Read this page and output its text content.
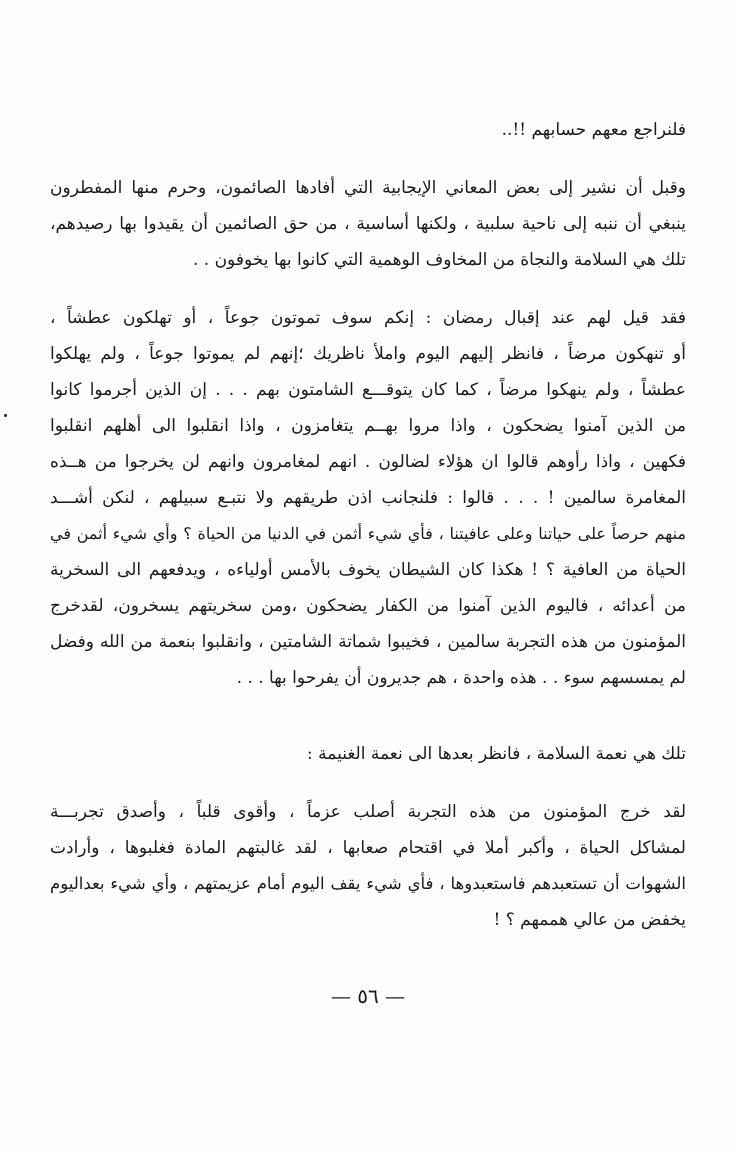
فلنراجع معهم حسابهم !!..
وقبل أن نشير إلى بعض المعاني الإيجابية التي أفادها الصائمون، وحرم منها المفطرون
ينبغي أن ننبه إلى ناحية سلبية ، ولكنها أساسية ، من حق الصائمين أن يقيدوا بها رصيدهم،
تلك هي السلامة والنجاة من المخاوف الوهمية التي كانوا بها يخوفون . .
فقد قيل لهم عند إقبال رمضان : إنكم سوف تموتون جوعاً ، أو تهلكون عطشاً ،
أو تنهكون مرضاً ، فانظر إليهم اليوم واملأ ناظريك ؛إنهم لم يموتوا جوعاً ، ولم يهلكوا
عطشاً ، ولم ينهكوا مرضاً ، كما كان يتوقـــع الشامتون بهم . . . إن الذين أجرموا كانوا
من الذين آمنوا يضحكون ، واذا مروا بهــم يتغامزون ، واذا انقلبوا الى أهلهم انقلبوا
فكهين ، واذا رأوهم قالوا ان هؤلاء لضالون . انهم لمغامرون وانهم لن يخرجوا من هــذه
المغامرة سالمين ! . . . قالوا : فلنجانب اذن طريقهم ولا نتبـع سبيلهم ، لنكن أشـــد
منهم حرصاً على حياتنا وعلى عافيتنا ، فأي شيء أثمن في الدنيا من الحياة ؟ وأي شيء أثمن في
الحياة من العافية ؟ ! هكذا كان الشيطان يخوف بالأمس أولياءه ، ويدفعهم الى السخرية
من أعدائه ، فاليوم الذين آمنوا من الكفار يضحكون ،ومن سخريتهم يسخرون، لقدخرج
المؤمنون من هذه التجربة سالمين ، فخيبوا شماتة الشامتين ، وانقلبوا بنعمة من الله وفضل
لم يمسسهم سوء . . هذه واحدة ، هم جديرون أن يفرحوا بها . . .
تلك هي نعمة السلامة ، فانظر بعدها الى نعمة الغنيمة :
لقد خرج المؤمنون من هذه التجربة أصلب عزماً ، وأقوى قلباً ، وأصدق تجربـــة
لمشاكل الحياة ، وأكبر أملا في اقتحام صعابها ، لقد غالبتهم المادة فغلبوها ، وأرادت
الشهوات أن تستعبدهم فاستعبدوها ، فأي شيء يقف اليوم أمام عزيمتهم ، وأي شيء بعداليوم
يخفض من عالي هممهم ؟ !
— ٥٦ —
